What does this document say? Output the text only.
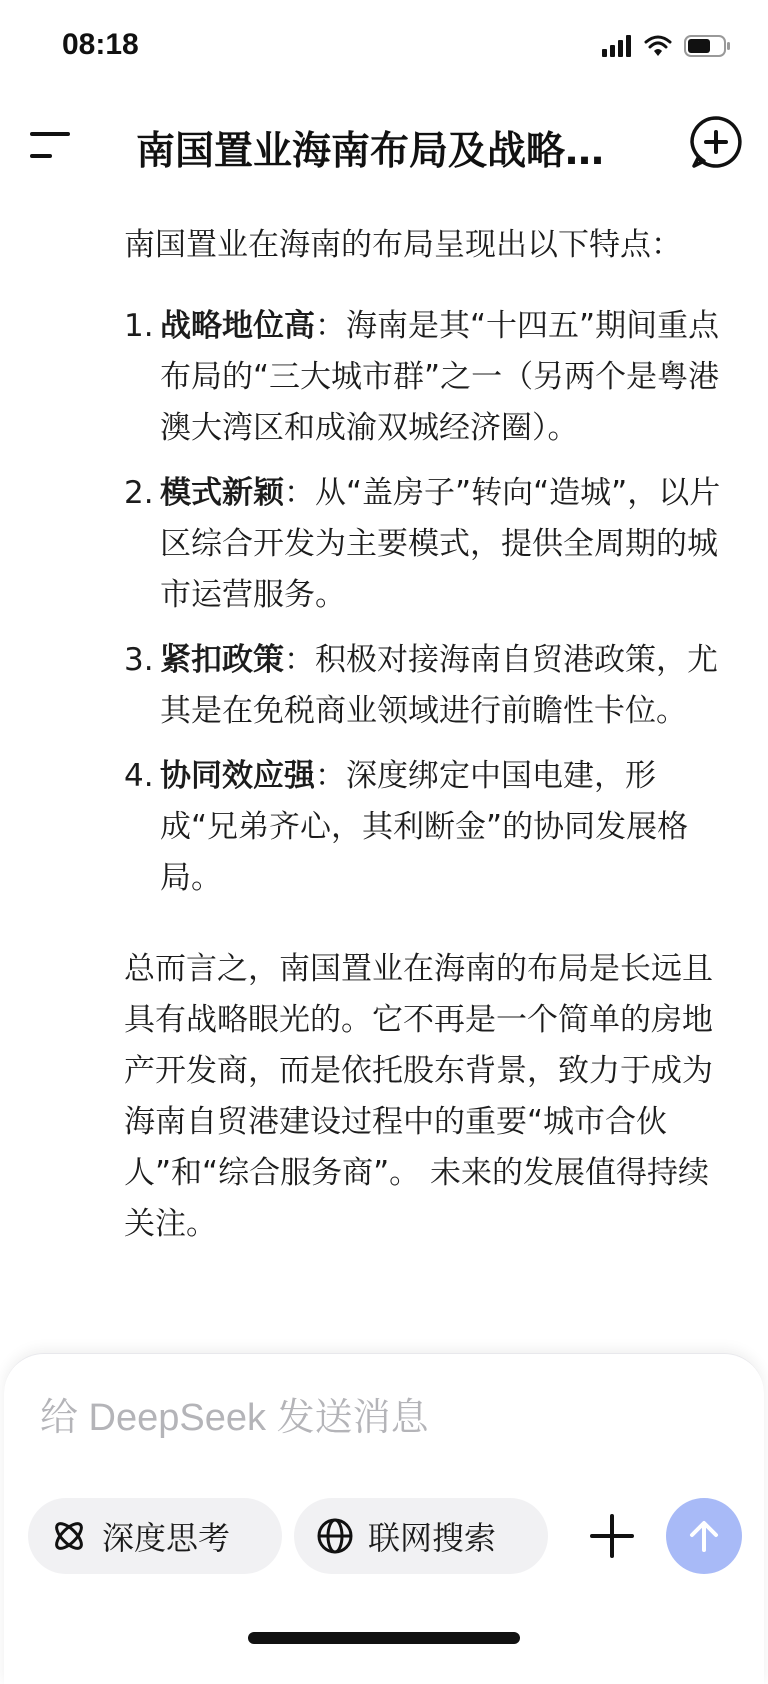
08:18
南国置业海南布局及战略…

南国置业在海南的布局呈现出以下特点：

1. 战略地位高：海南是其“十四五”期间重点布局的“三大城市群”之一（另两个是粤港澳大湾区和成渝双城经济圈）。
2. 模式新颖：从“盖房子”转向“造城”，以片区综合开发为主要模式，提供全周期的城市运营服务。
3. 紧扣政策：积极对接海南自贸港政策，尤其是在免税商业领域进行前瞻性卡位。
4. 协同效应强：深度绑定中国电建，形成“兄弟齐心，其利断金”的协同发展格局。

总而言之，南国置业在海南的布局是长远且具有战略眼光的。它不再是一个简单的房地产开发商，而是依托股东背景，致力于成为海南自贸港建设过程中的重要“城市合伙人”和“综合服务商”。 未来的发展值得持续关注。

给 DeepSeek 发送消息
深度思考	联网搜索
